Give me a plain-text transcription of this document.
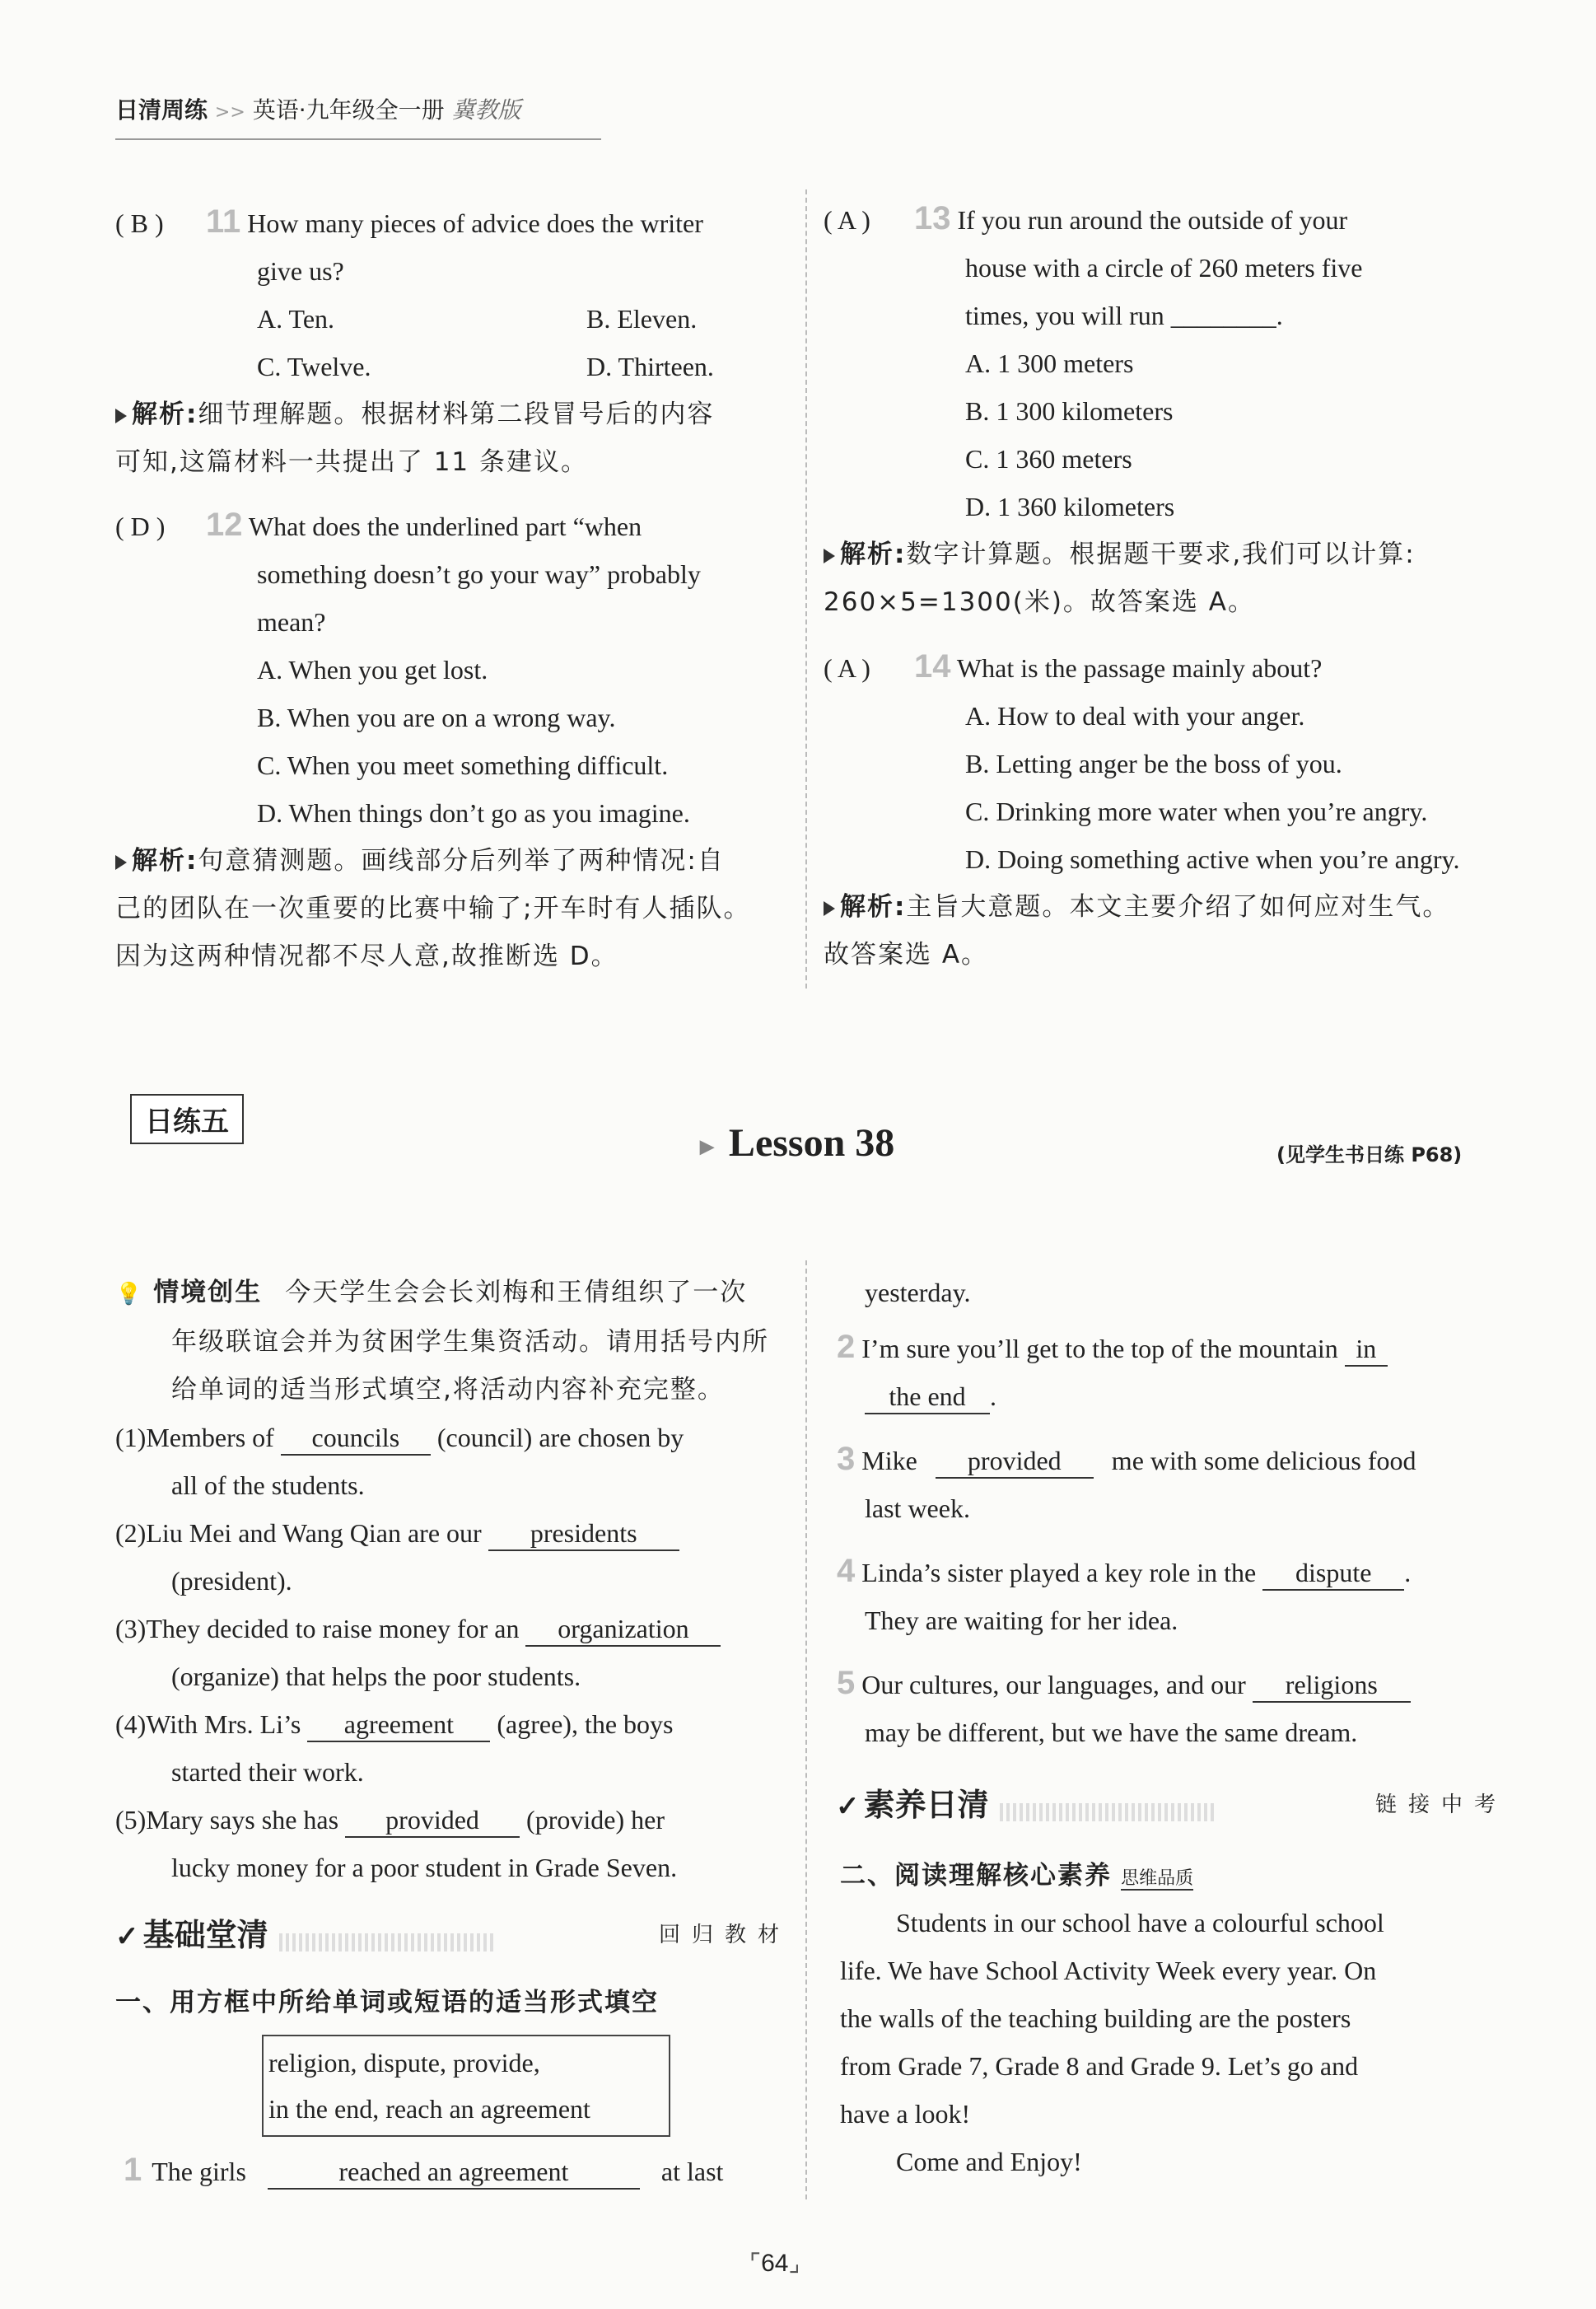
日清周练 >> 英语·九年级全一册 冀教版
( B ) 11 How many pieces of advice does the writer
give us?
A. Ten.	B. Eleven.
C. Twelve.	D. Thirteen.
解析:细节理解题。根据材料第二段冒号后的内容
可知,这篇材料一共提出了 11 条建议。
( D ) 12 What does the underlined part “when
something doesn’t go your way” probably
mean?
A. When you get lost.
B. When you are on a wrong way.
C. When you meet something difficult.
D. When things don’t go as you imagine.
解析:句意猜测题。画线部分后列举了两种情况:自
己的团队在一次重要的比赛中输了;开车时有人插队。
因为这两种情况都不尽人意,故推断选 D。
( A ) 13 If you run around the outside of your
house with a circle of 260 meters five
times, you will run ________.
A. 1 300 meters
B. 1 300 kilometers
C. 1 360 meters
D. 1 360 kilometers
解析:数字计算题。根据题干要求,我们可以计算:
260×5=1300(米)。故答案选 A。
( A ) 14 What is the passage mainly about?
A. How to deal with your anger.
B. Letting anger be the boss of you.
C. Drinking more water when you’re angry.
D. Doing something active when you’re angry.
解析:主旨大意题。本文主要介绍了如何应对生气。
故答案选 A。
日练五
▶ Lesson 38	(见学生书日练 P68)
💡 情境创生 今天学生会会长刘梅和王倩组织了一次
年级联谊会并为贫困学生集资活动。请用括号内所
给单词的适当形式填空,将活动内容补充完整。
(1)Members of councils (council) are chosen by
all of the students.
(2)Liu Mei and Wang Qian are our presidents
(president).
(3)They decided to raise money for an organization
(organize) that helps the poor students.
(4)With Mrs. Li’s agreement (agree), the boys
started their work.
(5)Mary says she has provided (provide) her
lucky money for a poor student in Grade Seven.
✓ 基础堂清	回归教材
一、用方框中所给单词或短语的适当形式填空
religion, dispute, provide,
in the end, reach an agreement
1 The girls	reached an agreement	at last
yesterday.
2 I’m sure you’ll get to the top of the mountain in
the end .
3 Mike provided me with some delicious food
last week.
4 Linda’s sister played a key role in the dispute .
They are waiting for her idea.
5 Our cultures, our languages, and our religions
may be different, but we have the same dream.
✓ 素养日清	链接中考
二、阅读理解核心素养 思维品质
Students in our school have a colourful school
life. We have School Activity Week every year. On
the walls of the teaching building are the posters
from Grade 7, Grade 8 and Grade 9. Let’s go and
have a look!
Come and Enjoy!
⌜64⌟
